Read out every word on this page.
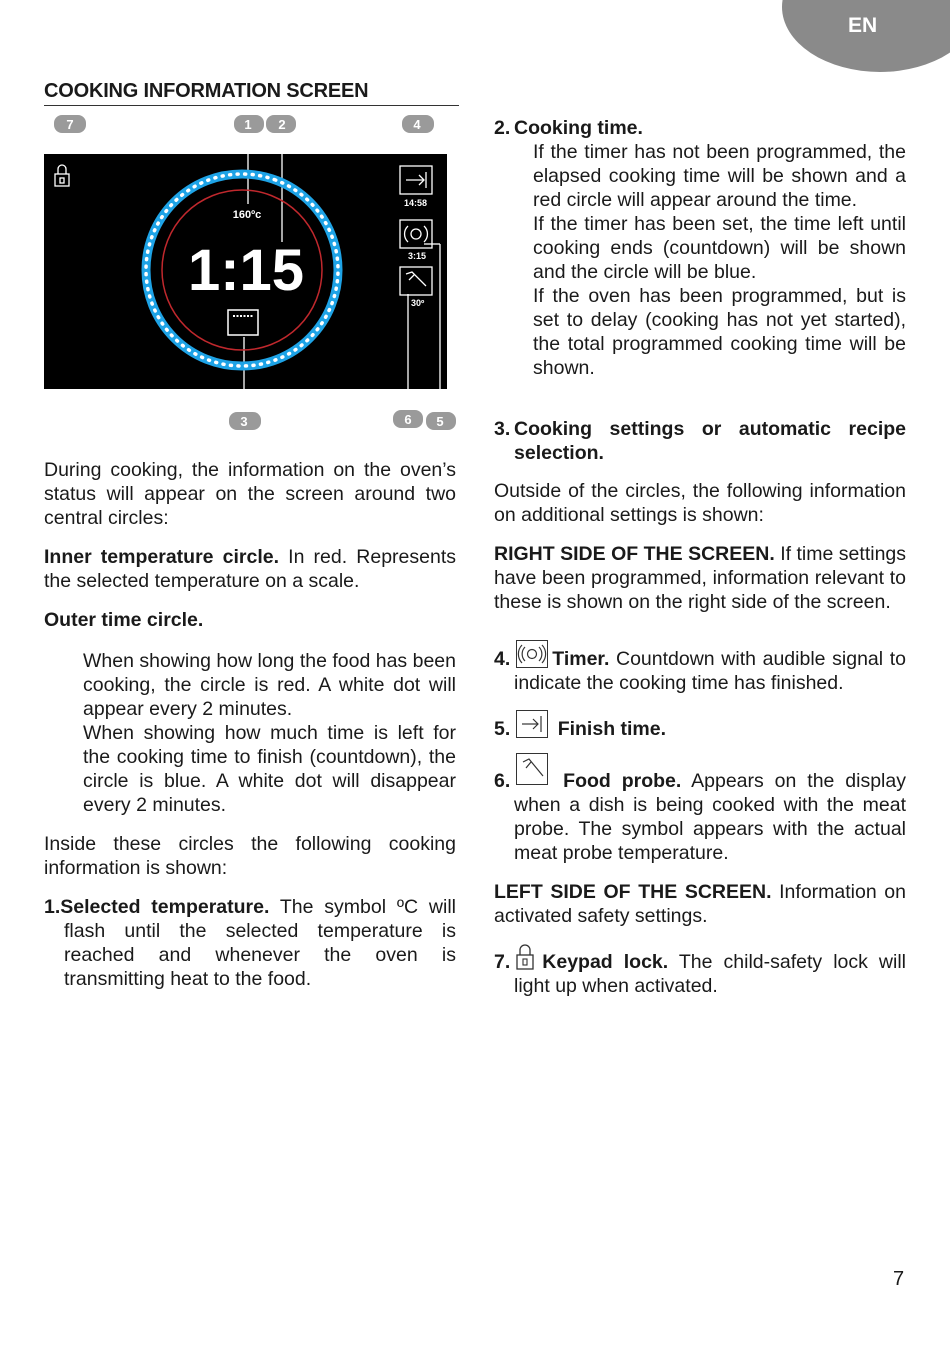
EN
COOKING INFORMATION SCREEN
160ºc
1:15
14:58
3:15
30º
7	1 2	4
3	6 5

During cooking, the information on the oven’s status will appear on the screen around two central circles:

Inner temperature circle. In red. Represents the selected temperature on a scale.

Outer time circle.

When showing how long the food has been cooking, the circle is red. A white dot will appear every 2 minutes.

When showing how much time is left for the cooking time to finish (countdown), the circle is blue. A white dot will disappear every 2 minutes.

Inside these circles the following cooking information is shown:

1.Selected temperature. The symbol ºC will flash until the selected temperature is reached and whenever the oven is transmitting heat to the food.

2. Cooking time.

If the timer has not been programmed, the elapsed cooking time will be shown and a red circle will appear around the time.

If the timer has been set, the time left until cooking ends (countdown) will be shown and the circle will be blue.

If the oven has been programmed, but is set to delay (cooking has not yet started), the total programmed cooking time will be shown.

3. Cooking settings or automatic recipe selection.

Outside of the circles, the following information on additional settings is shown:

RIGHT SIDE OF THE SCREEN. If time settings have been programmed, information relevant to these is shown on the right side of the screen.

4. Timer. Countdown with audible signal to indicate the cooking time has finished.

5. Finish time.

6.	Food probe. Appears on the display when a dish is being cooked with the meat probe. The symbol appears with the actual meat probe temperature.

LEFT SIDE OF THE SCREEN. Information on activated safety settings.

7. Keypad lock. The child-safety lock will light up when activated.

7
